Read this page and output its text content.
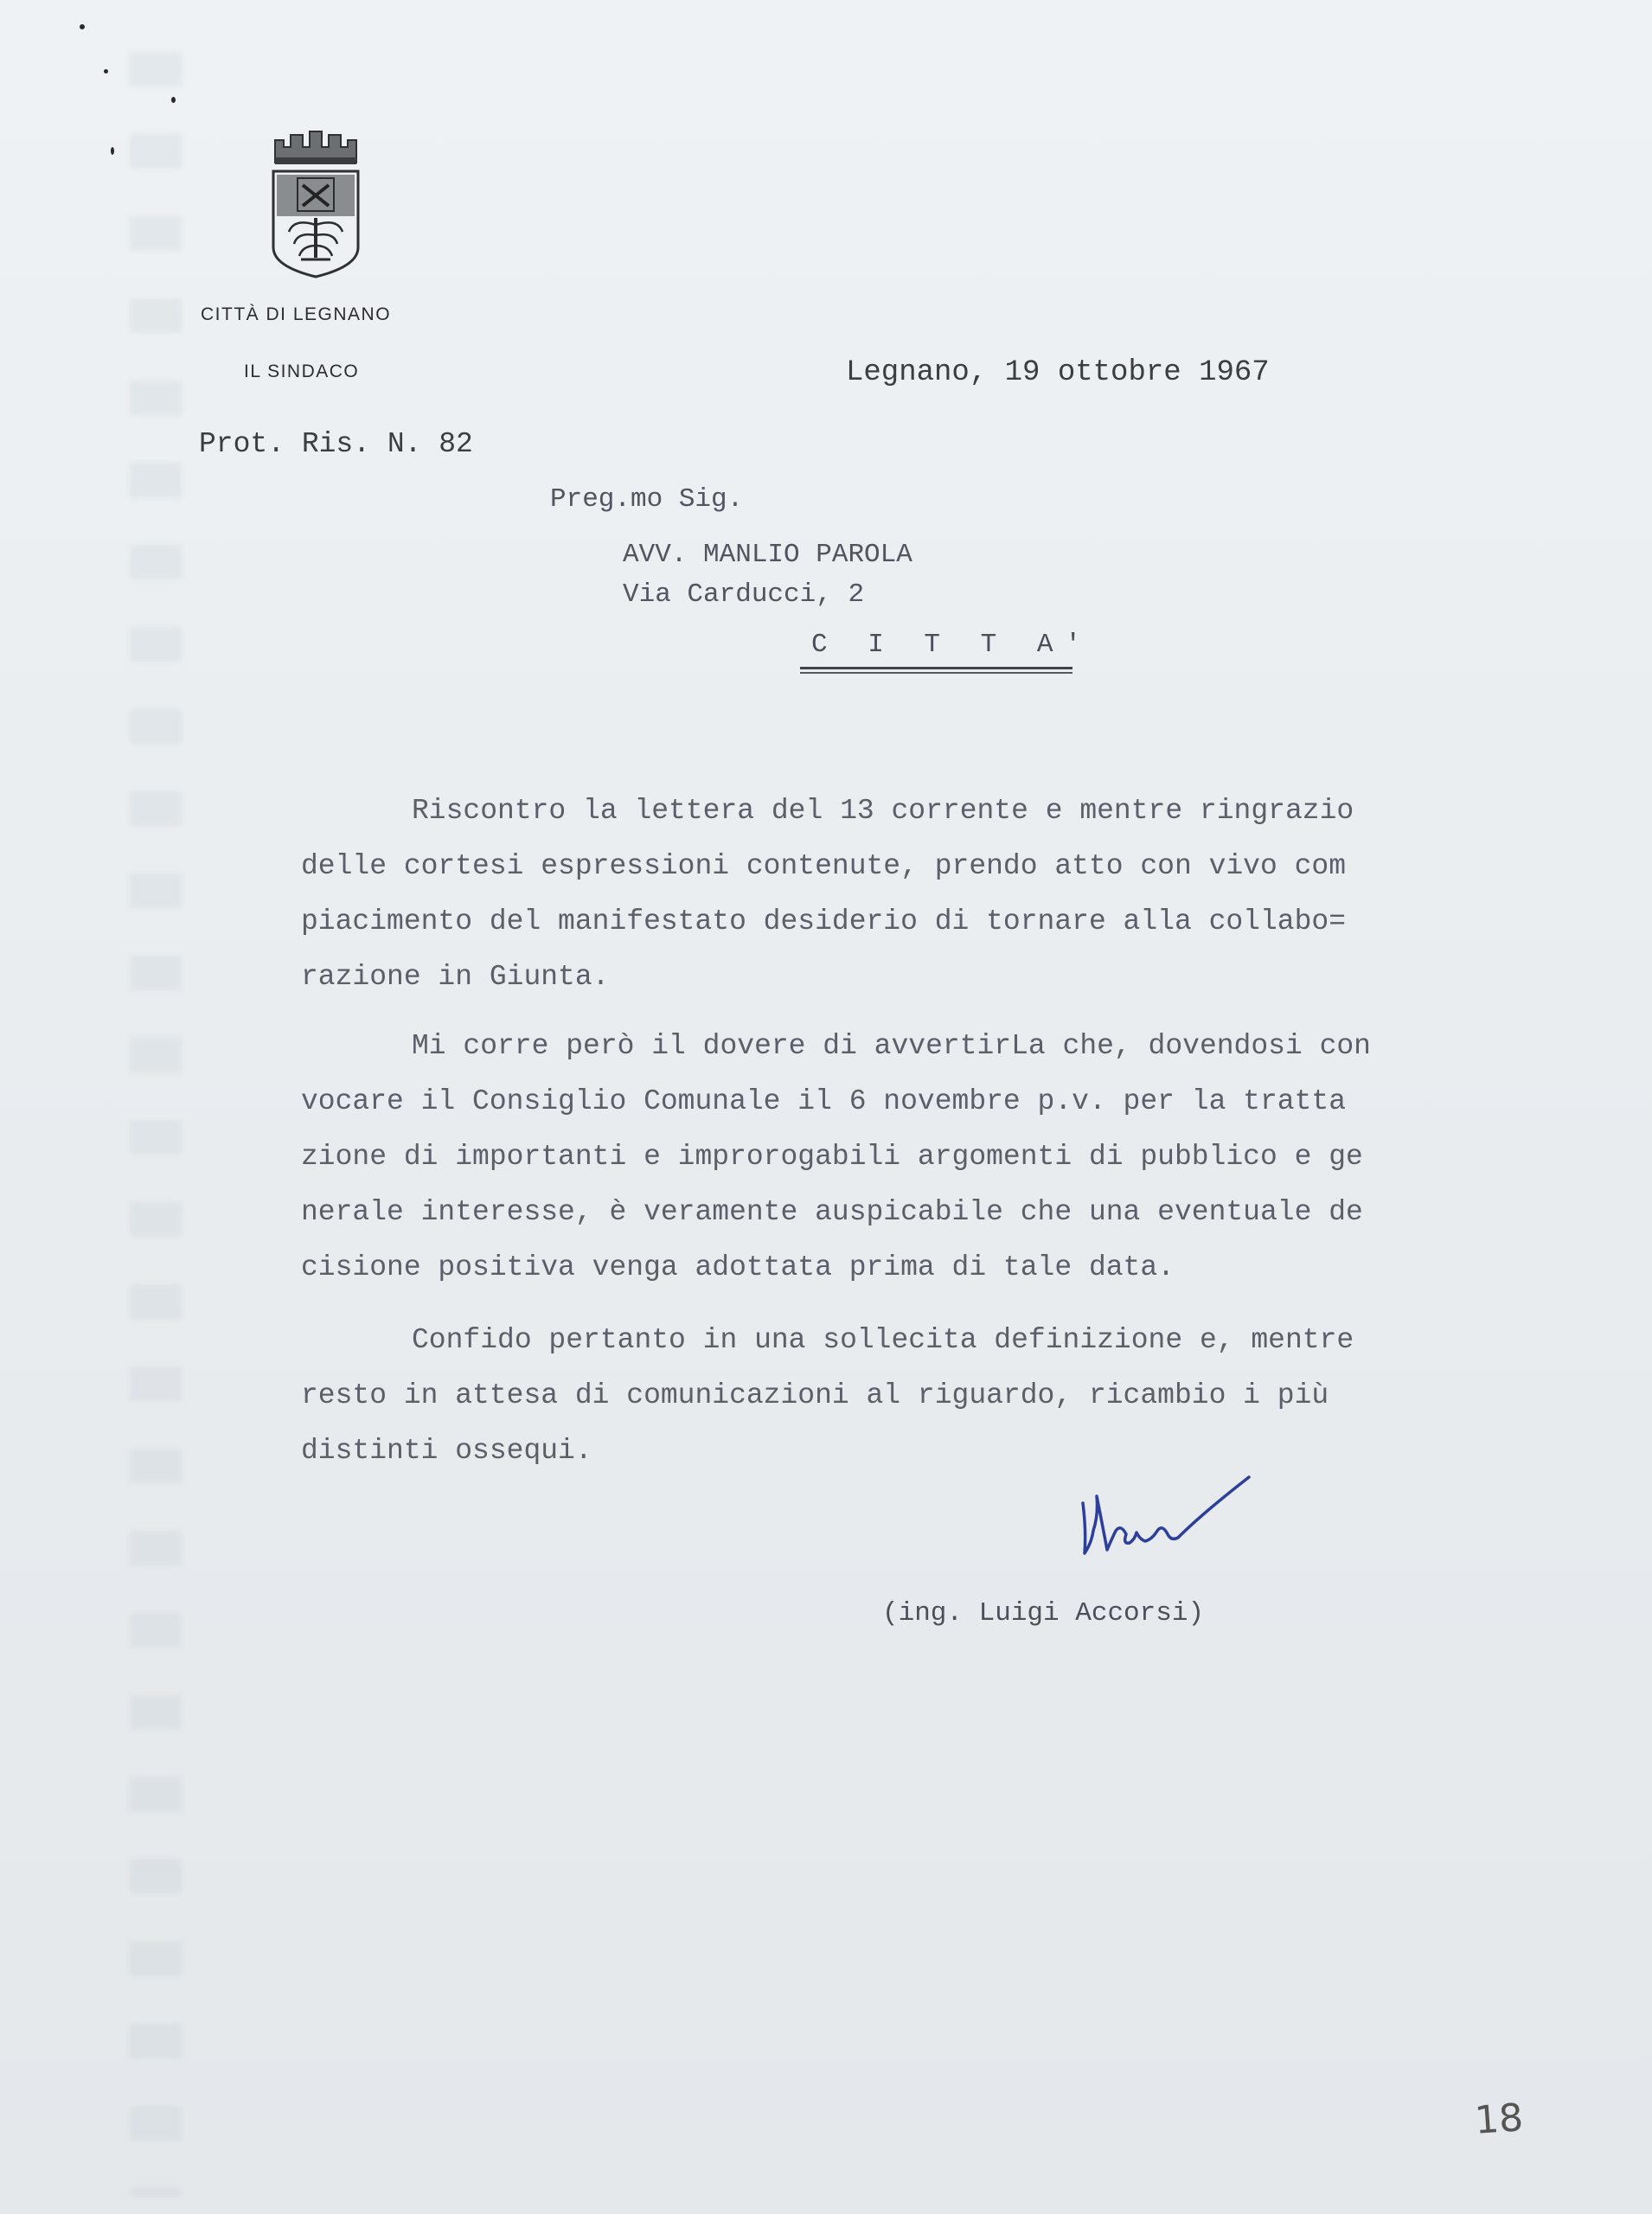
CITTÀ DI LEGNANO
IL SINDACO	Legnano, 19 ottobre 1967
Prot. Ris. N. 82
Preg.mo Sig.
AVV. MANLIO PAROLA
Via Carducci, 2
C I T T A'
Riscontro la lettera del 13 corrente e mentre ringrazio
delle cortesi espressioni contenute, prendo atto con vivo com
piacimento del manifestato desiderio di tornare alla collabo=
razione in Giunta.
Mi corre però il dovere di avvertirLa che, dovendosi con
vocare il Consiglio Comunale il 6 novembre p.v. per la tratta
zione di importanti e improrogabili argomenti di pubblico e ge
nerale interesse, è veramente auspicabile che una eventuale de
cisione positiva venga adottata prima di tale data.
Confido pertanto in una sollecita definizione e, mentre
resto in attesa di comunicazioni al riguardo, ricambio i più
distinti ossequi.
(ing. Luigi Accorsi)
18
